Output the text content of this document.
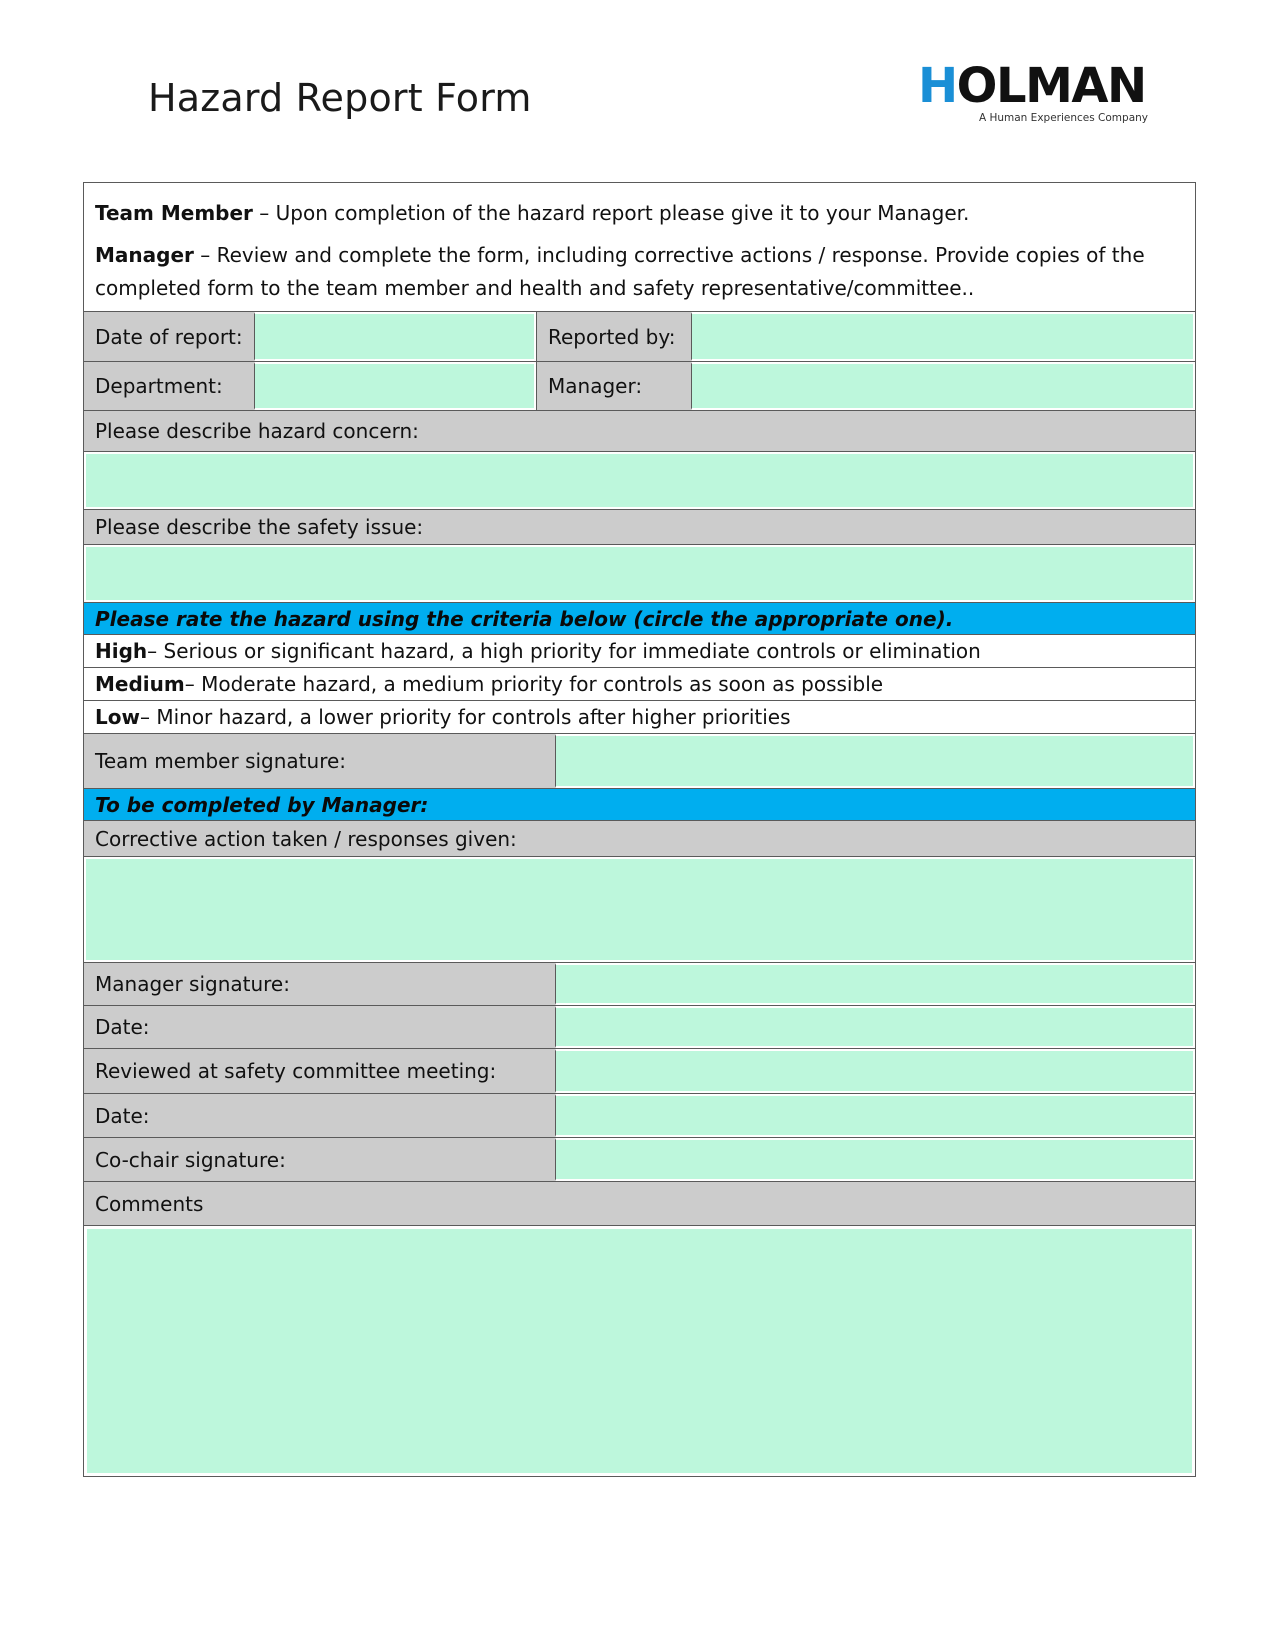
Hazard Report Form	HOLMAN
A Human Experiences Company

Team Member – Upon completion of the hazard report please give it to your Manager.

Manager – Review and complete the form, including corrective actions / response. Provide copies of the completed form to the team member and health and safety representative/committee..

Date of report:	Reported by:
Department:	Manager:
Please describe hazard concern:
Please describe the safety issue:
Please rate the hazard using the criteria below (circle the appropriate one).
High – Serious or significant hazard, a high priority for immediate controls or elimination
Medium – Moderate hazard, a medium priority for controls as soon as possible
Low – Minor hazard, a lower priority for controls after higher priorities
Team member signature:
To be completed by Manager:
Corrective action taken / responses given:
Manager signature:
Date:
Reviewed at safety committee meeting:
Date:
Co-chair signature:
Comments
